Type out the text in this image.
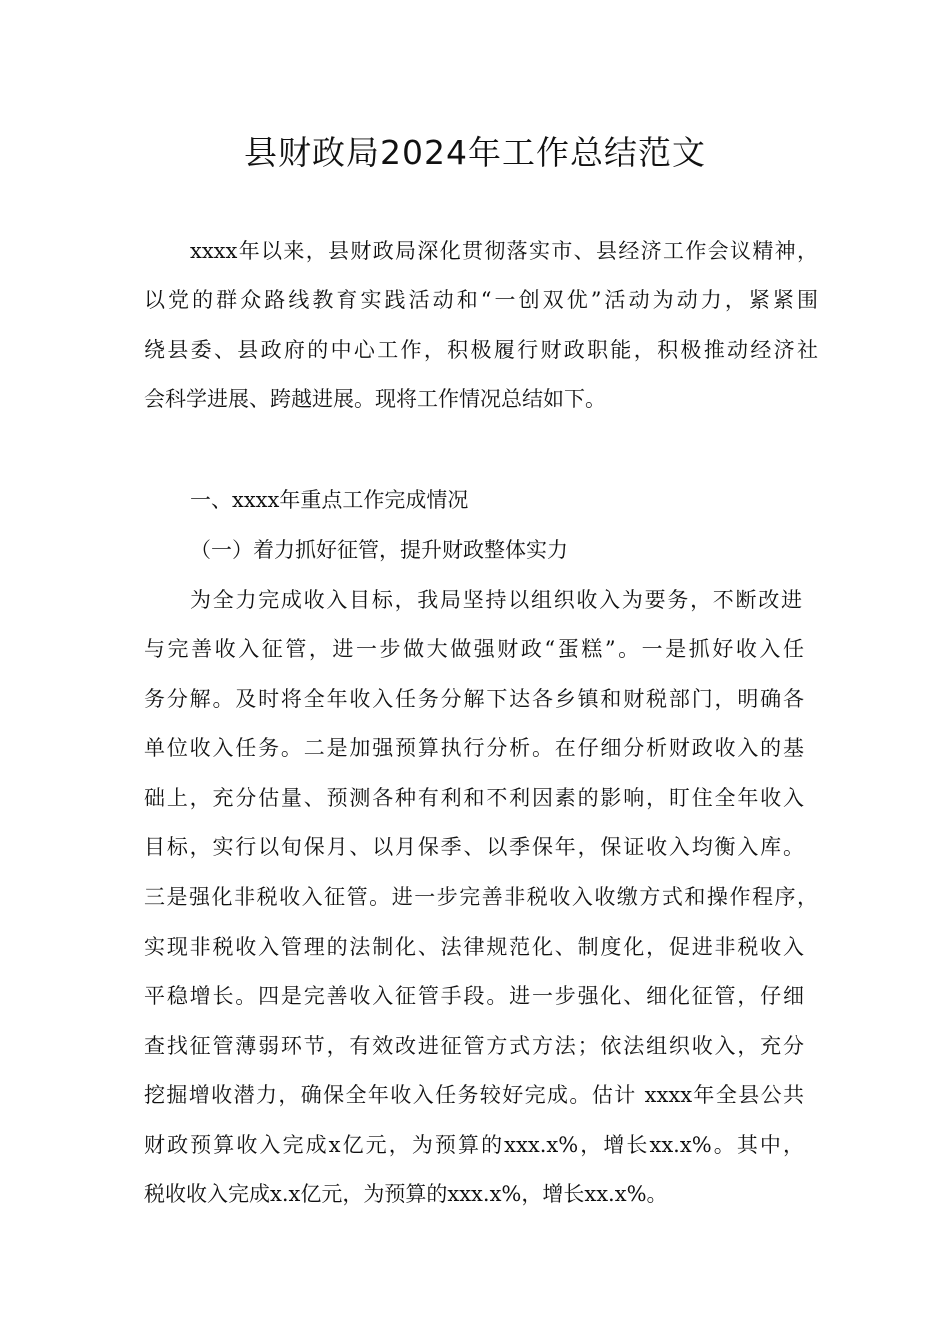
县财政局2024年工作总结范文

xxxx年以来，县财政局深化贯彻落实市、县经济工作会议精神，

以党的群众路线教育实践活动和“一创双优”活动为动力，紧紧围

绕县委、县政府的中心工作，积极履行财政职能，积极推动经济社

会科学进展、跨越进展。现将工作情况总结如下。

一、xxxx年重点工作完成情况

（一）着力抓好征管，提升财政整体实力

为全力完成收入目标，我局坚持以组织收入为要务，不断改进

与完善收入征管，进一步做大做强财政“蛋糕”。一是抓好收入任

务分解。及时将全年收入任务分解下达各乡镇和财税部门，明确各

单位收入任务。二是加强预算执行分析。在仔细分析财政收入的基

础上，充分估量、预测各种有利和不利因素的影响，盯住全年收入

目标，实行以旬保月、以月保季、以季保年，保证收入均衡入库。

三是强化非税收入征管。进一步完善非税收入收缴方式和操作程序，

实现非税收入管理的法制化、法律规范化、制度化，促进非税收入

平稳增长。四是完善收入征管手段。进一步强化、细化征管，仔细

查找征管薄弱环节，有效改进征管方式方法；依法组织收入，充分

挖掘增收潜力，确保全年收入任务较好完成。估计 xxxx年全县公共

财政预算收入完成x亿元，为预算的xxx.x%，增长xx.x%。其中，

税收收入完成x.x亿元，为预算的xxx.x%，增长xx.x%。
